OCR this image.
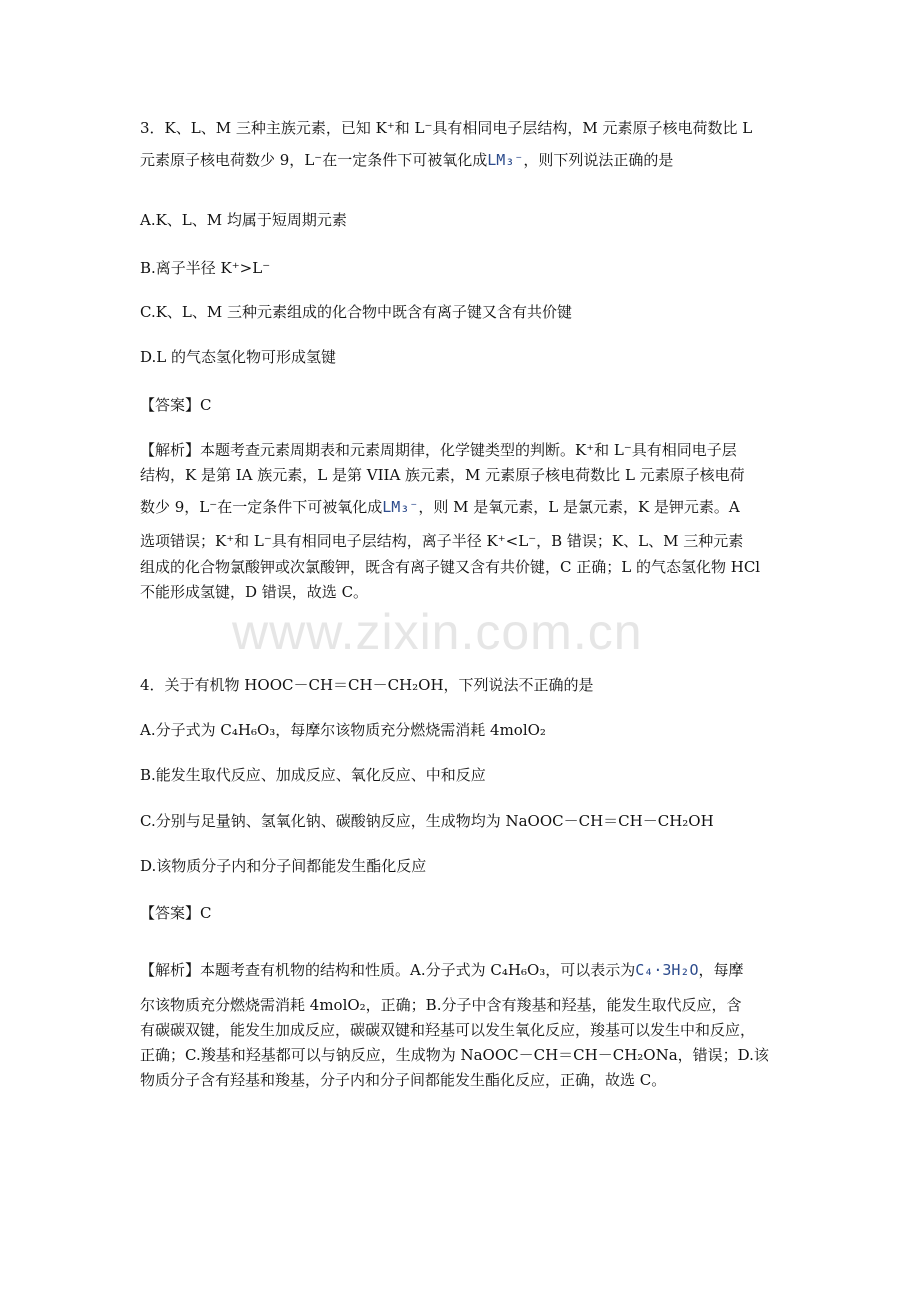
www.zixin.com.cn
3．K、L、M 三种主族元素，已知 K⁺和 L⁻具有相同电子层结构，M 元素原子核电荷数比 L
元素原子核电荷数少 9，L⁻在一定条件下可被氧化成LM₃⁻，则下列说法正确的是
A.K、L、M 均属于短周期元素
B.离子半径 K⁺>L⁻
C.K、L、M 三种元素组成的化合物中既含有离子键又含有共价键
D.L 的气态氢化物可形成氢键
【答案】C
【解析】本题考查元素周期表和元素周期律，化学键类型的判断。K⁺和 L⁻具有相同电子层
结构，K 是第 IA 族元素，L 是第 VIIA 族元素，M 元素原子核电荷数比 L 元素原子核电荷
数少 9，L⁻在一定条件下可被氧化成LM₃⁻，则 M 是氧元素，L 是氯元素，K 是钾元素。A
选项错误；K⁺和 L⁻具有相同电子层结构，离子半径 K⁺<L⁻，B 错误；K、L、M 三种元素
组成的化合物氯酸钾或次氯酸钾，既含有离子键又含有共价键，C 正确；L 的气态氢化物 HCl
不能形成氢键，D 错误，故选 C。
4．关于有机物 HOOC－CH＝CH－CH₂OH，下列说法不正确的是
A.分子式为 C₄H₆O₃，每摩尔该物质充分燃烧需消耗 4molO₂
B.能发生取代反应、加成反应、氧化反应、中和反应
C.分别与足量钠、氢氧化钠、碳酸钠反应，生成物均为 NaOOC－CH＝CH－CH₂OH
D.该物质分子内和分子间都能发生酯化反应
【答案】C
【解析】本题考查有机物的结构和性质。A.分子式为 C₄H₆O₃，可以表示为C₄·3H₂O，每摩
尔该物质充分燃烧需消耗 4molO₂，正确；B.分子中含有羧基和羟基，能发生取代反应，含
有碳碳双键，能发生加成反应，碳碳双键和羟基可以发生氧化反应，羧基可以发生中和反应，
正确；C.羧基和羟基都可以与钠反应，生成物为 NaOOC－CH＝CH－CH₂ONa，错误；D.该
物质分子含有羟基和羧基，分子内和分子间都能发生酯化反应，正确，故选 C。
